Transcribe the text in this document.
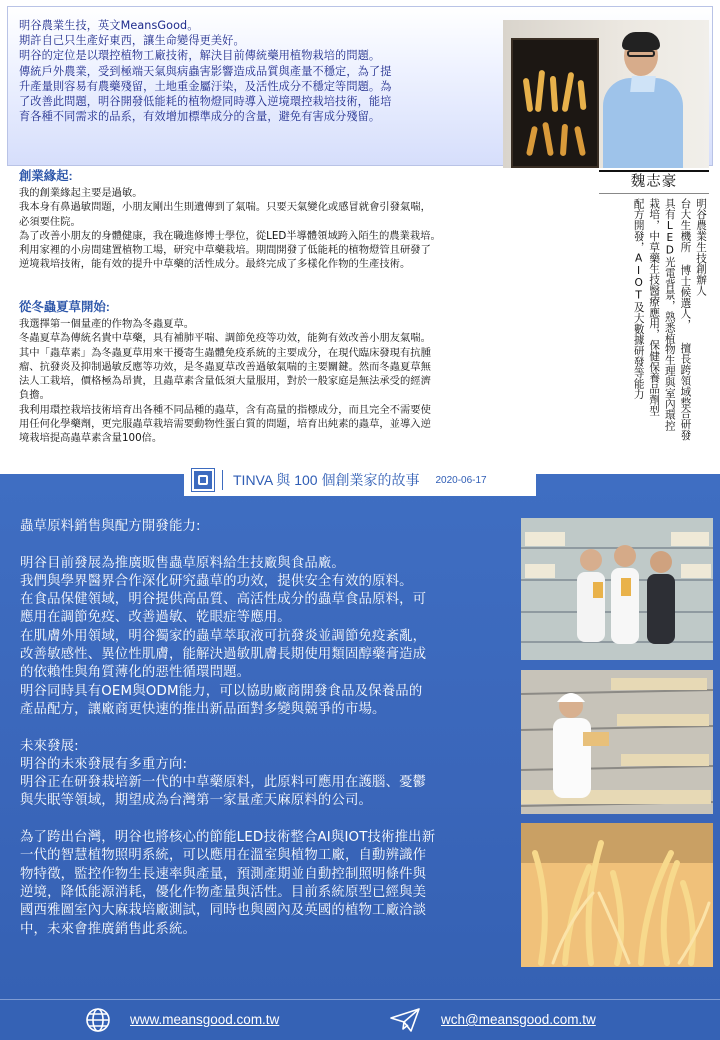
明谷農業生技，英文MeansGood。

期許自己只生產好東西，讓生命變得更美好。

明谷的定位是以環控植物工廠技術，解決目前傳統藥用植物栽培的問題。

傳統戶外農業，受到極端天氣與病蟲害影響造成品質與產量不穩定，為了提

升產量則容易有農藥殘留，土地重金屬汙染，及活性成分不穩定等問題。為

了改善此問題，明谷開發低能耗的植物燈同時導入逆境環控栽培技術，能培

育各種不同需求的品系，有效增加標準成分的含量，避免有害成分殘留。

魏志豪
明谷農業生技創辦人
台大生機所 博士候選人， 擅長跨領域整合研發
具有LED光電背景，熟悉植物生理與室內環控
栽培，中草藥生技醫療應用，保健保養品劑型
配方開發，AIOT及大數據研發等能力
創業緣起:

我的創業緣起主要是過敏。

我本身有鼻過敏問題，小朋友剛出生則遺傳到了氣喘。只要天氣變化或感冒就會引發氣喘，

必須要住院。

為了改善小朋友的身體健康，我在職進修博士學位，從LED半導體領域跨入陌生的農業栽培。

利用家裡的小房間建置植物工場，研究中草藥栽培。期間開發了低能耗的植物燈管且研發了

逆境栽培技術，能有效的提升中草藥的活性成分。最終完成了多樣化作物的生產技術。

從冬蟲夏草開始:

我選擇第一個量產的作物為冬蟲夏草。

冬蟲夏草為傳統名貴中草藥，具有補肺平喘、調節免疫等功效，能夠有效改善小朋友氣喘。

其中「蟲草素」為冬蟲夏草用來干擾寄生蟲體免疫系統的主要成分，在現代臨床發現有抗腫

瘤、抗發炎及抑制過敏反應等功效，是冬蟲夏草改善過敏氣喘的主要關鍵。然而冬蟲夏草無

法人工栽培，價格極為昂貴，且蟲草素含量低須大量服用，對於一般家庭是無法承受的經濟

負擔。

我利用環控栽培技術培育出各種不同品種的蟲草，含有高量的指標成分，而且完全不需要使

用任何化學藥劑，更完服蟲草栽培需要動物性蛋白質的問題，培育出純素的蟲草，並導入逆

境栽培提高蟲草素含量100倍。

TINVA 與 100 個創業家的故事 2020-06-17

蟲草原料銷售與配方開發能力:

明谷目前發展為推廣販售蟲草原料給生技廠與食品廠。

我們與學界醫界合作深化研究蟲草的功效，提供安全有效的原料。

在食品保健領域，明谷提供高品質、高活性成分的蟲草食品原料，可

應用在調節免疫、改善過敏、乾眼症等應用。

在肌膚外用領域，明谷獨家的蟲草萃取液可抗發炎並調節免疫紊亂，

改善敏感性、異位性肌膚，能解決過敏肌膚長期使用類固醇藥膏造成

的依賴性與角質薄化的惡性循環問題。

明谷同時具有OEM與ODM能力，可以協助廠商開發食品及保養品的

產品配方，讓廠商更快速的推出新品面對多變與競爭的市場。

未來發展:

明谷的未來發展有多重方向:

明谷正在研發栽培新一代的中草藥原料，此原料可應用在護腦、憂鬱

與失眠等領域，期望成為台灣第一家量產天麻原料的公司。

為了跨出台灣，明谷也將核心的節能LED技術整合AI與IOT技術推出新

一代的智慧植物照明系統，可以應用在溫室與植物工廠，自動辨識作

物特徵，監控作物生長速率與產量，預測產期並自動控制照明條件與

逆境，降低能源消耗，優化作物產量與活性。目前系統原型已經與美

國西雅圖室內大麻栽培廠測試，同時也與國內及英國的植物工廠洽談

中，未來會推廣銷售此系統。

www.meansgood.com.tw	wch@meansgood.com.tw
